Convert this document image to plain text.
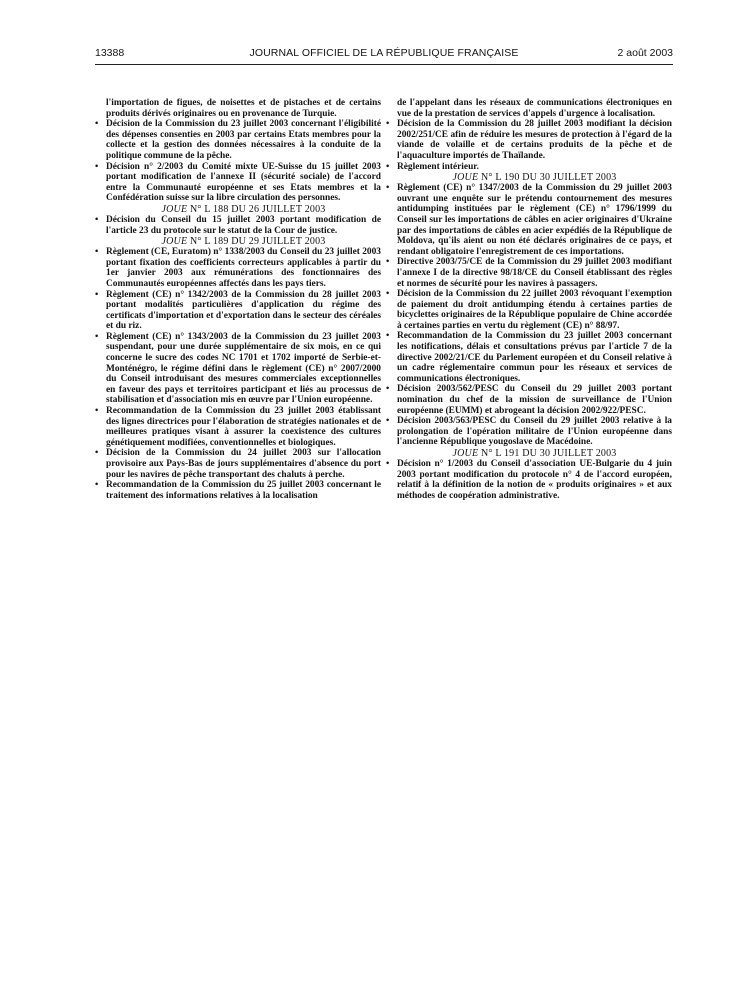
13388	JOURNAL OFFICIEL DE LA RÉPUBLIQUE FRANÇAISE	2 août 2003

l'importation de figues, de noisettes et de pistaches et de certains produits dérivés originaires ou en provenance de Turquie.

• Décision de la Commission du 23 juillet 2003 concernant l'éligibilité des dépenses consenties en 2003 par certains Etats membres pour la collecte et la gestion des données nécessaires à la conduite de la politique commune de la pêche.

• Décision n° 2/2003 du Comité mixte UE-Suisse du 15 juillet 2003 portant modification de l'annexe II (sécurité sociale) de l'accord entre la Communauté européenne et ses Etats membres et la Confédération suisse sur la libre circulation des personnes.

JOUE N° L 188 DU 26 JUILLET 2003

• Décision du Conseil du 15 juillet 2003 portant modification de l'article 23 du protocole sur le statut de la Cour de justice.

JOUE N° L 189 DU 29 JUILLET 2003

• Règlement (CE, Euratom) n° 1338/2003 du Conseil du 23 juillet 2003 portant fixation des coefficients correcteurs applicables à partir du 1er janvier 2003 aux rémunérations des fonctionnaires des Communautés européennes affectés dans les pays tiers.

• Règlement (CE) n° 1342/2003 de la Commission du 28 juillet 2003 portant modalités particulières d'application du régime des certificats d'importation et d'exportation dans le secteur des céréales et du riz.

• Règlement (CE) n° 1343/2003 de la Commission du 23 juillet 2003 suspendant, pour une durée supplémentaire de six mois, en ce qui concerne le sucre des codes NC 1701 et 1702 importé de Serbie-et-Monténégro, le régime défini dans le règlement (CE) n° 2007/2000 du Conseil introduisant des mesures commerciales exceptionnelles en faveur des pays et territoires participant et liés au processus de stabilisation et d'association mis en œuvre par l'Union européenne.

• Recommandation de la Commission du 23 juillet 2003 établissant des lignes directrices pour l'élaboration de stratégies nationales et de meilleures pratiques visant à assurer la coexistence des cultures génétiquement modifiées, conventionnelles et biologiques.

• Décision de la Commission du 24 juillet 2003 sur l'allocation provisoire aux Pays-Bas de jours supplémentaires d'absence du port pour les navires de pêche transportant des chaluts à perche.

• Recommandation de la Commission du 25 juillet 2003 concernant le traitement des informations relatives à la localisation

de l'appelant dans les réseaux de communications électroniques en vue de la prestation de services d'appels d'urgence à localisation.

• Décision de la Commission du 28 juillet 2003 modifiant la décision 2002/251/CE afin de réduire les mesures de protection à l'égard de la viande de volaille et de certains produits de la pêche et de l'aquaculture importés de Thaïlande.

• Règlement intérieur.

JOUE N° L 190 DU 30 JUILLET 2003

• Règlement (CE) n° 1347/2003 de la Commission du 29 juillet 2003 ouvrant une enquête sur le prétendu contournement des mesures antidumping instituées par le règlement (CE) n° 1796/1999 du Conseil sur les importations de câbles en acier originaires d'Ukraine par des importations de câbles en acier expédiés de la République de Moldova, qu'ils aient ou non été déclarés originaires de ce pays, et rendant obligatoire l'enregistrement de ces importations.

• Directive 2003/75/CE de la Commission du 29 juillet 2003 modifiant l'annexe I de la directive 98/18/CE du Conseil établissant des règles et normes de sécurité pour les navires à passagers.

• Décision de la Commission du 22 juillet 2003 révoquant l'exemption de paiement du droit antidumping étendu à certaines parties de bicyclettes originaires de la République populaire de Chine accordée à certaines parties en vertu du règlement (CE) n° 88/97.

• Recommandation de la Commission du 23 juillet 2003 concernant les notifications, délais et consultations prévus par l'article 7 de la directive 2002/21/CE du Parlement européen et du Conseil relative à un cadre réglementaire commun pour les réseaux et services de communications électroniques.

• Décision 2003/562/PESC du Conseil du 29 juillet 2003 portant nomination du chef de la mission de surveillance de l'Union européenne (EUMM) et abrogeant la décision 2002/922/PESC.

• Décision 2003/563/PESC du Conseil du 29 juillet 2003 relative à la prolongation de l'opération militaire de l'Union européenne dans l'ancienne République yougoslave de Macédoine.

JOUE N° L 191 DU 30 JUILLET 2003

• Décision n° 1/2003 du Conseil d'association UE-Bulgarie du 4 juin 2003 portant modification du protocole n° 4 de l'accord européen, relatif à la définition de la notion de « produits originaires » et aux méthodes de coopération administrative.
